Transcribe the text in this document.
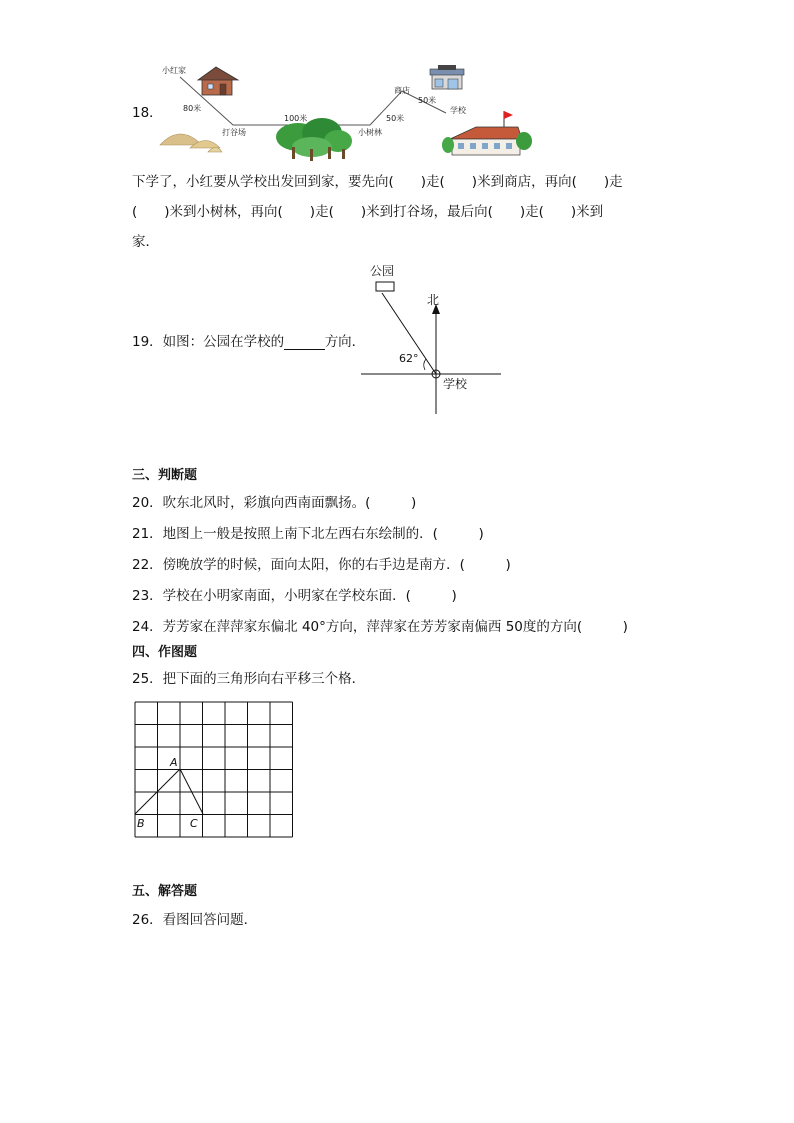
18．
小红家
80米
打谷场
100米
小树林
50米
商店
50米
学校
下学了，小红要从学校出发回到家，要先向(　　)走(　　)米到商店，再向(　　)走
(　　)米到小树林，再向(　　)走(　　)米到打谷场，最后向(　　)走(　　)米到
家．
19．如图：公园在学校的　　　	方向．
公园
北
62°
学校
三、判断题
20．吹东北风时，彩旗向西南面飘扬。(　　　)
21．地图上一般是按照上南下北左西右东绘制的．(　　　)
22．傍晚放学的时候，面向太阳，你的右手边是南方．(　　　)
23．学校在小明家南面，小明家在学校东面．(　　　)
24．芳芳家在萍萍家东偏北 40°方向，萍萍家在芳芳家南偏西 50度的方向(　　　)
四、作图题
25．把下面的三角形向右平移三个格．
A
B	C
五、解答题
26．看图回答问题．
